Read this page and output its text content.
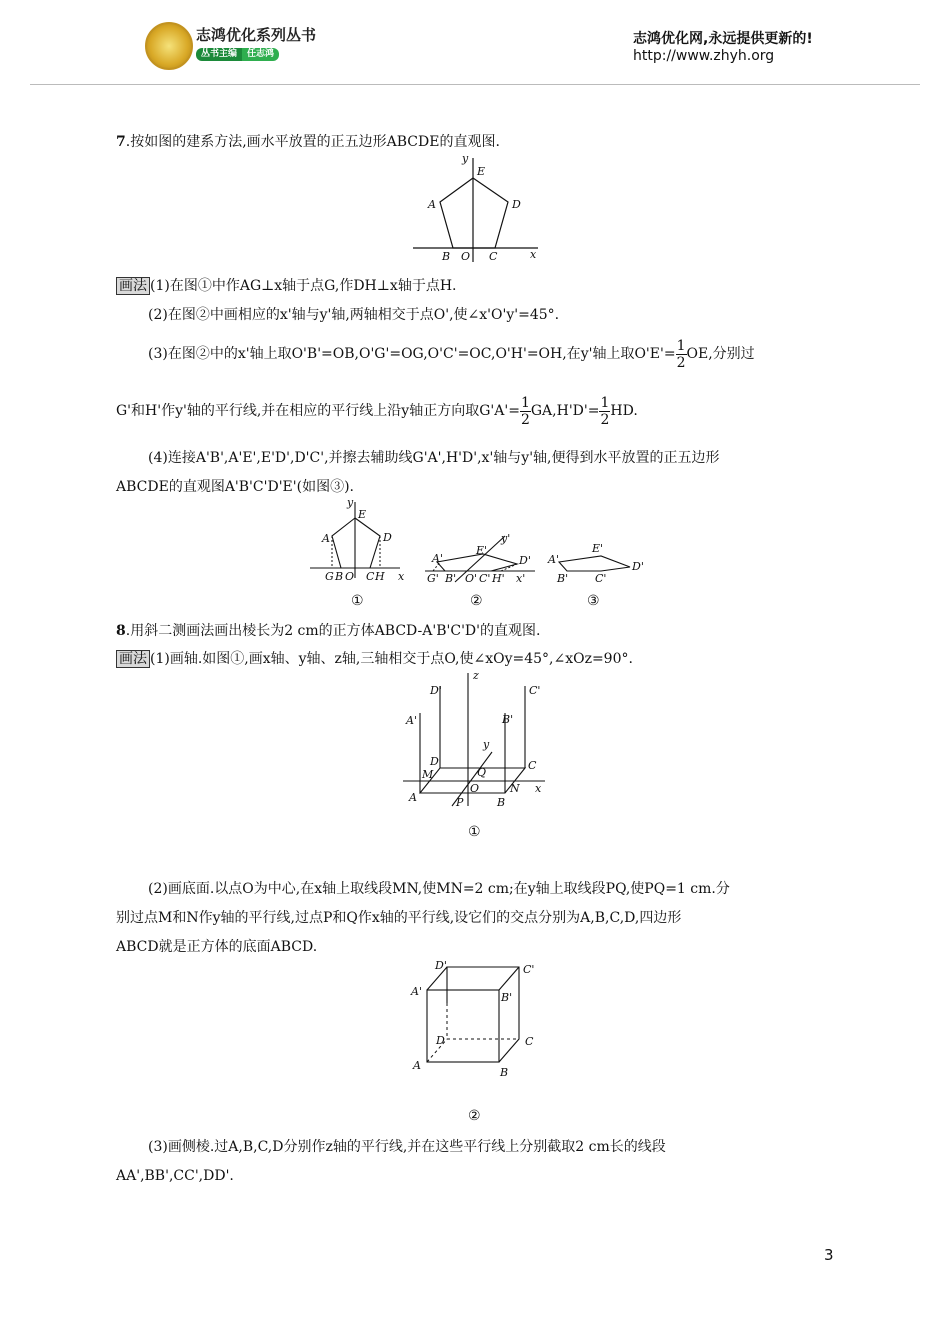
志鸿优化系列丛书
丛书主编 任志鸿
志鸿优化网,永远提供更新的!
http://www.zhyh.org
7.按如图的建系方法,画水平放置的正五边形ABCDE的直观图.
y
E
A	D
B O C	x
画法 (1)在图①中作AG⊥x轴于点G,作DH⊥x轴于点H.
(2)在图②中画相应的x'轴与y'轴,两轴相交于点O',使∠x'O'y'=45°.
(3)在图②中的x'轴上取O'B'=OB,O'G'=OG,O'C'=OC,O'H'=OH,在y'轴上取$O'E'= \frac{1}{2}$ OE,分别过
G'和H'作y'轴的平行线,并在相应的平行线上沿y轴正方向取$G'A'= \frac{1}{2} GA,H'D'= \frac{1}{2}$ HD.
(4)连接A'B',A'E',E'D',D'C',并擦去辅助线G'A',H'D',x'轴与y'轴,便得到水平放置的正五边形
ABCDE的直观图A'B'C'D'E'(如图③).
y
E
A	D
G B O C H x
y'
E'
A'	D'
G' B' O' C' H' x'
A'
E'
D'
B' C'
①	②	③
8.用斜二测画法画出棱长为2 cm的正方体ABCD-A'B'C'D'的直观图.
画法 (1)画轴.如图①,画x轴、y轴、z轴,三轴相交于点O,使∠xOy=45°,∠xOz=90°.
z
D'	C'
A'	B'
y
D	C
M	Q
O	N
A	P	B
x
①
(2)画底面.以点O为中心,在x轴上取线段MN,使MN=2 cm;在y轴上取线段PQ,使PQ=1 cm.分
别过点M和N作y轴的平行线,过点P和Q作x轴的平行线,设它们的交点分别为A,B,C,D,四边形
ABCD就是正方体的底面ABCD.
D'	C'
A'	B'
D	C
A
B
②
(3)画侧棱.过A,B,C,D分别作z轴的平行线,并在这些平行线上分别截取2 cm长的线段
AA',BB',CC',DD'.
3
